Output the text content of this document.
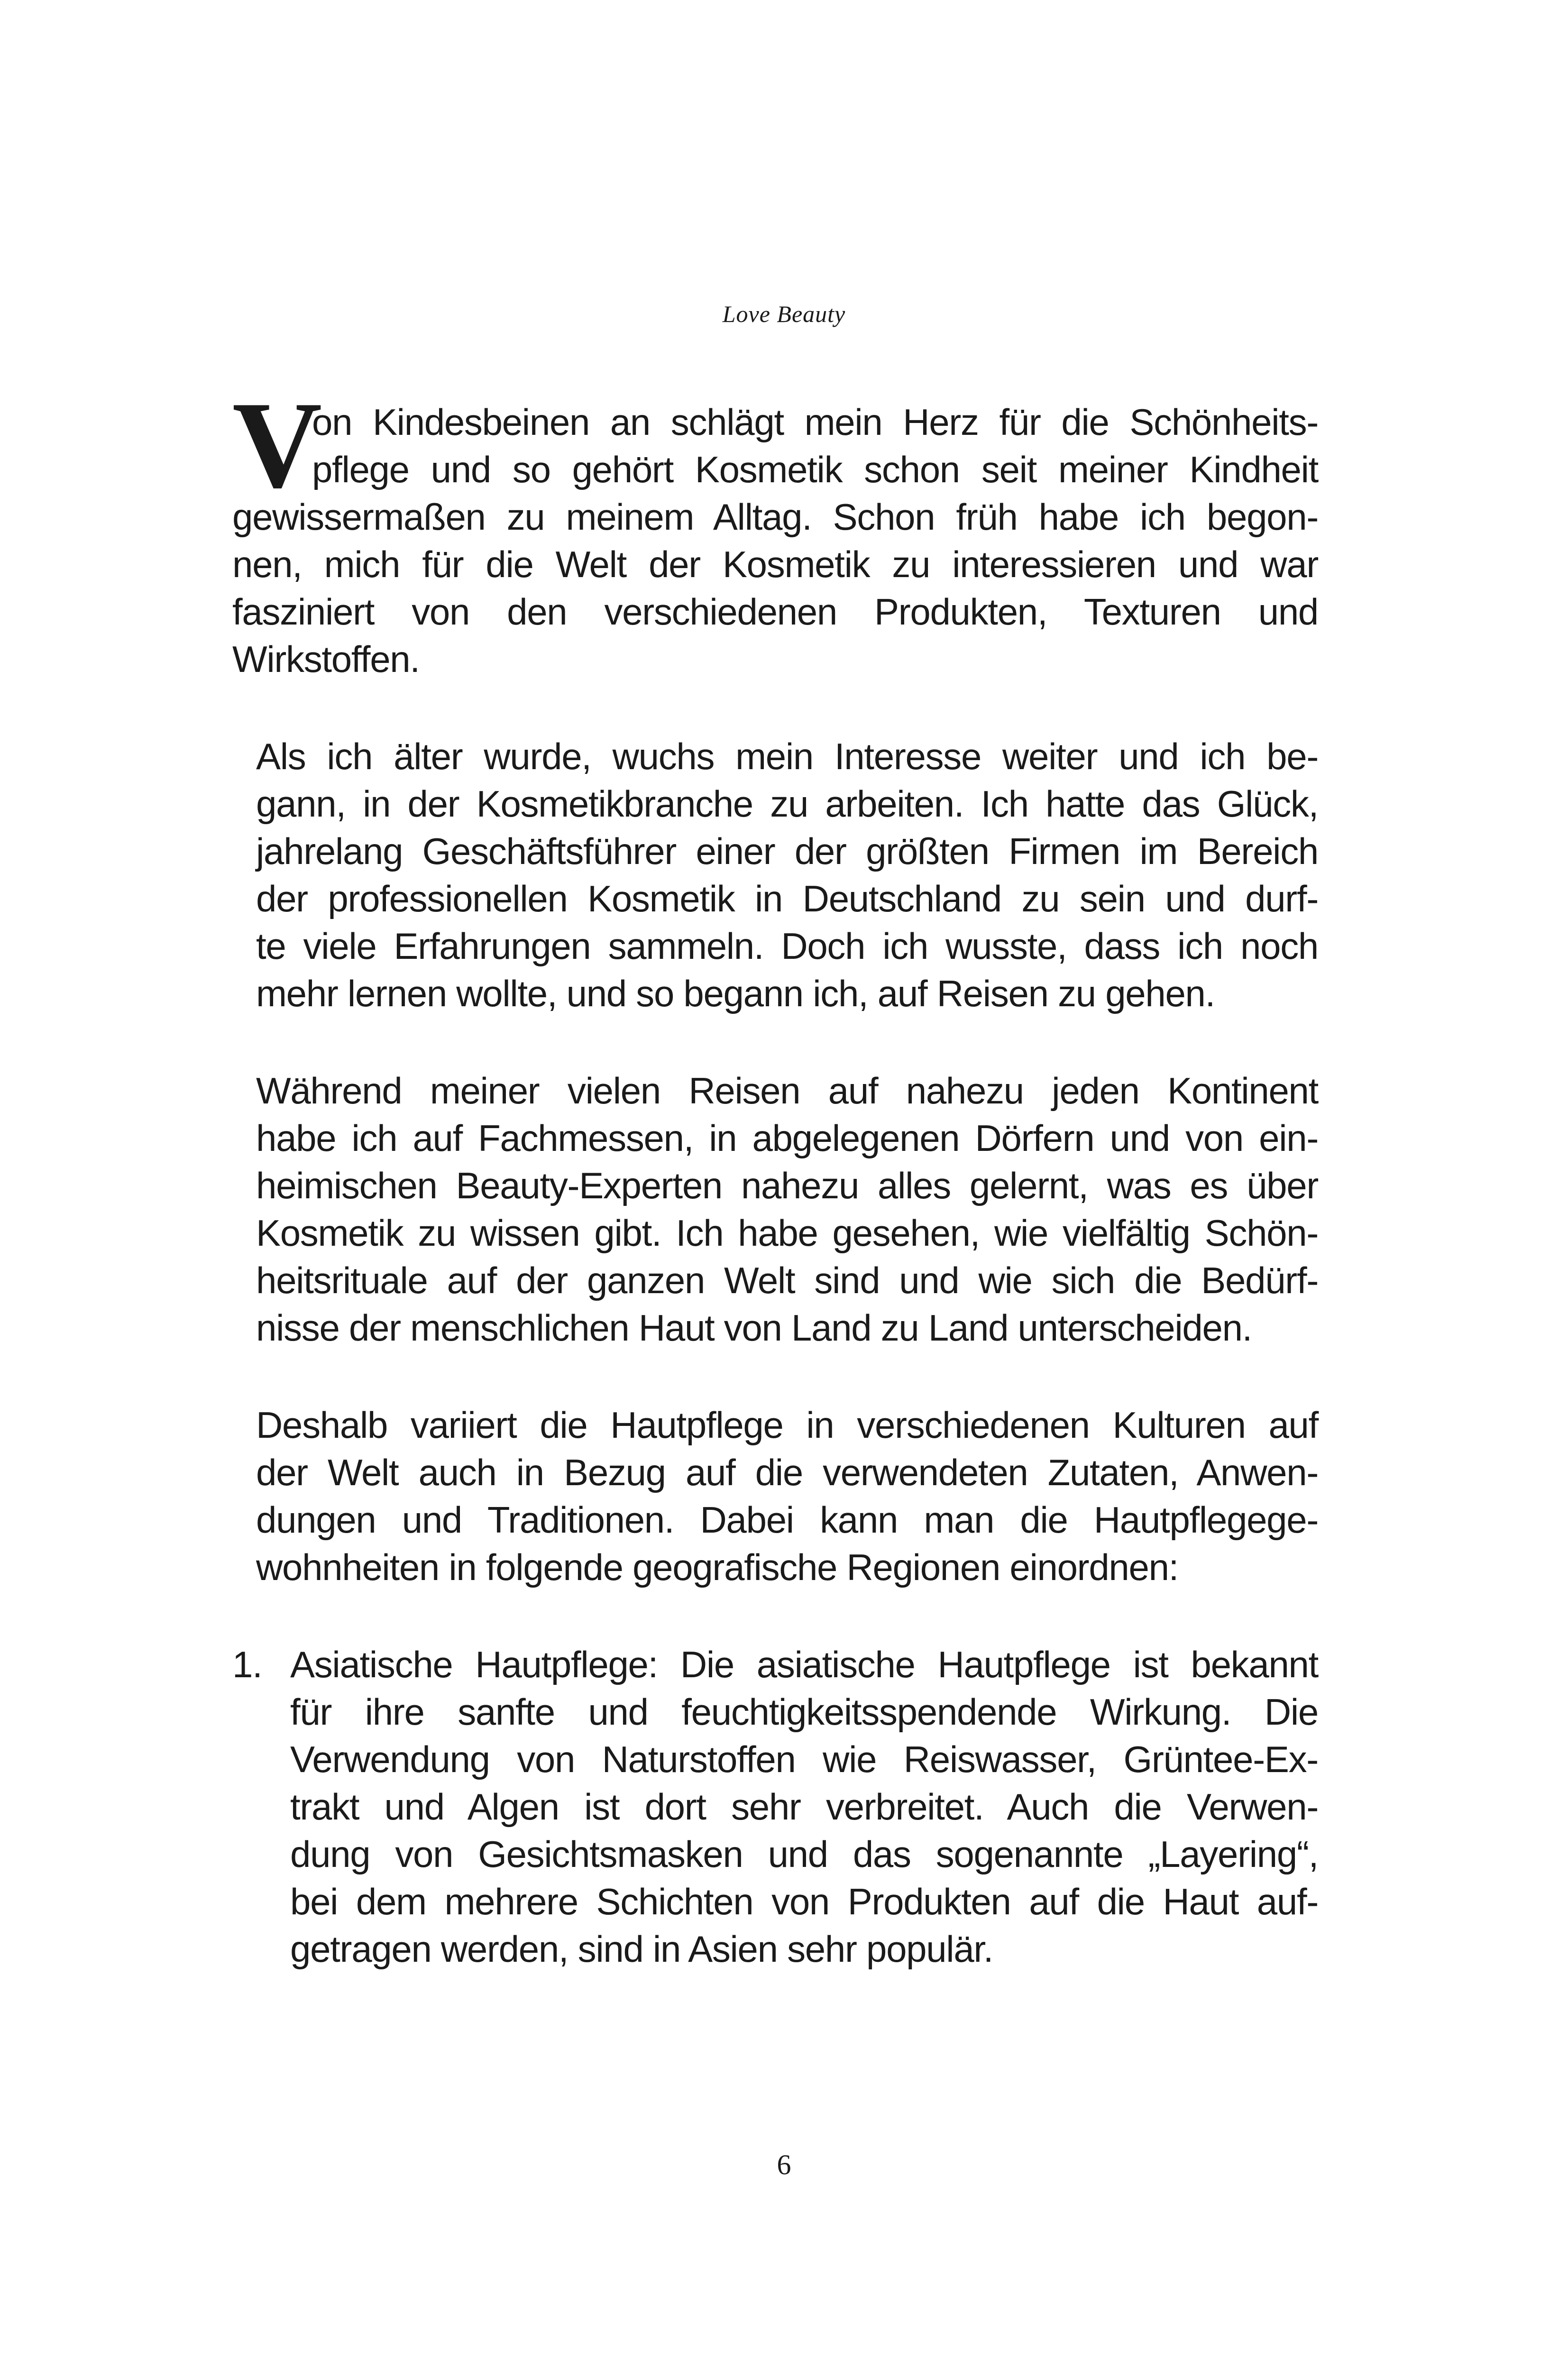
Love Beauty
V
on Kindesbeinen an schlägt mein Herz für die Schönheits-
pflege und so gehört Kosmetik schon seit meiner Kindheit
gewissermaßen zu meinem Alltag. Schon früh habe ich begon-
nen, mich für die Welt der Kosmetik zu interessieren und war
fasziniert von den verschiedenen Produkten, Texturen und
Wirkstoffen.
Als ich älter wurde, wuchs mein Interesse weiter und ich be-
gann, in der Kosmetikbranche zu arbeiten. Ich hatte das Glück,
jahrelang Geschäftsführer einer der größten Firmen im Bereich
der professionellen Kosmetik in Deutschland zu sein und durf-
te viele Erfahrungen sammeln. Doch ich wusste, dass ich noch
mehr lernen wollte, und so begann ich, auf Reisen zu gehen.
Während meiner vielen Reisen auf nahezu jeden Kontinent
habe ich auf Fachmessen, in abgelegenen Dörfern und von ein-
heimischen Beauty-Experten nahezu alles gelernt, was es über
Kosmetik zu wissen gibt. Ich habe gesehen, wie vielfältig Schön-
heitsrituale auf der ganzen Welt sind und wie sich die Bedürf-
nisse der menschlichen Haut von Land zu Land unterscheiden.
Deshalb variiert die Hautpflege in verschiedenen Kulturen auf
der Welt auch in Bezug auf die verwendeten Zutaten, Anwen-
dungen und Traditionen. Dabei kann man die Hautpflegege-
wohnheiten in folgende geografische Regionen einordnen:
1. Asiatische Hautpflege: Die asiatische Hautpflege ist bekannt
für ihre sanfte und feuchtigkeitsspendende Wirkung. Die
Verwendung von Naturstoffen wie Reiswasser, Grüntee-Ex-
trakt und Algen ist dort sehr verbreitet. Auch die Verwen-
dung von Gesichtsmasken und das sogenannte „Layering“,
bei dem mehrere Schichten von Produkten auf die Haut auf-
getragen werden, sind in Asien sehr populär.
6
